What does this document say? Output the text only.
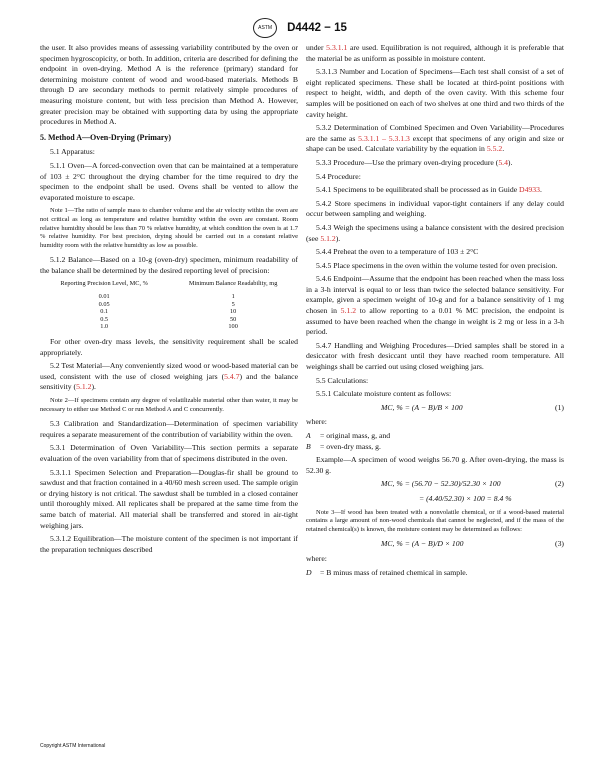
ASTM D4442 − 15

the user. It also provides means of assessing variability contributed by the oven or specimen hygroscopicity, or both. In addition, criteria are described for defining the endpoint in oven-drying. Method A is the reference (primary) standard for determining moisture content of wood and wood-based materials. Methods B through D are secondary methods to permit relatively simple procedures of measuring moisture content, but with less precision than Method A. However, greater precision may be obtained with supporting data by using the appropriate procedures in Method A.

5. Method A—Oven-Drying (Primary)

5.1 Apparatus:

5.1.1 Oven—A forced-convection oven that can be maintained at a temperature of 103 ± 2°C throughout the drying chamber for the time required to dry the specimen to the endpoint shall be used. Ovens shall be vented to allow the evaporated moisture to escape.

Note 1—The ratio of sample mass to chamber volume and the air velocity within the oven are not critical as long as temperature and relative humidity within the oven are constant. Room relative humidity should be less than 70 % relative humidity, at which condition the oven is at 1.7 % relative humidity. For best precision, drying should be carried out in a constant relative humidity room with the relative humidity as low as possible.

5.1.2 Balance—Based on a 10-g (oven-dry) specimen, minimum readability of the balance shall be determined by the desired reporting level of precision:

Reporting Precision Level, MC, %	Minimum Balance Readability, mg
0.01	1
0.05	5
0.1	10
0.5	50
1.0	100

For other oven-dry mass levels, the sensitivity requirement shall be scaled appropriately.

5.2 Test Material—Any conveniently sized wood or wood-based material can be used, consistent with the use of closed weighing jars (5.4.7) and the balance sensitivity (5.1.2).

Note 2—If specimens contain any degree of volatilizable material other than water, it may be necessary to either use Method C or run Method A and C concurrently.

5.3 Calibration and Standardization—Determination of specimen variability requires a separate measurement of the contribution of variability within the oven.

5.3.1 Determination of Oven Variability—This section permits a separate evaluation of the oven variability from that of specimens distributed in the oven.

5.3.1.1 Specimen Selection and Preparation—Douglas-fir shall be ground to sawdust and that fraction contained in a 40/60 mesh screen used. The sample origin or drying history is not critical. The sawdust shall be tumbled in a closed container until thoroughly mixed. All replicates shall be prepared at the same time from the same batch of material. All material shall be transferred and stored in air-tight weighing jars.

5.3.1.2 Equilibration—The moisture content of the specimen is not important if the preparation techniques described

under 5.3.1.1 are used. Equilibration is not required, although it is preferable that the material be as uniform as possible in moisture content.

5.3.1.3 Number and Location of Specimens—Each test shall consist of a set of eight replicated specimens. These shall be located at third-point positions with respect to height, width, and depth of the oven cavity. With this scheme four samples will be positioned on each of two shelves at one third and two thirds of the cavity height.

5.3.2 Determination of Combined Specimen and Oven Variability—Procedures are the same as 5.3.1.1 – 5.3.1.3 except that specimens of any origin and size or shape can be used. Calculate variability by the equation in 5.5.2.

5.3.3 Procedure—Use the primary oven-drying procedure (5.4).

5.4 Procedure:

5.4.1 Specimens to be equilibrated shall be processed as in Guide D4933.

5.4.2 Store specimens in individual vapor-tight containers if any delay could occur between sampling and weighing.

5.4.3 Weigh the specimens using a balance consistent with the desired precision (see 5.1.2).

5.4.4 Preheat the oven to a temperature of 103 ± 2°C

5.4.5 Place specimens in the oven within the volume tested for oven precision.

5.4.6 Endpoint—Assume that the endpoint has been reached when the mass loss in a 3-h interval is equal to or less than twice the selected balance sensitivity. For example, given a specimen weight of 10-g and for a balance sensitivity of 1 mg chosen in 5.1.2 to allow reporting to a 0.01 % MC precision, the endpoint is assumed to have been reached when the change in weight is 2 mg or less in a 3-h period.

5.4.7 Handling and Weighing Procedures—Dried samples shall be stored in a desiccator with fresh desiccant until they have reached room temperature. All weighings shall be carried out using closed weighing jars.

5.5 Calculations:

5.5.1 Calculate moisture content as follows:

MC, % = (A − B)/B × 100	(1)

where:

A	= original mass, g, and
B	= oven-dry mass, g.

Example—A specimen of wood weighs 56.70 g. After oven-drying, the mass is 52.30 g.

MC, % = (56.70 − 52.30)/52.30 × 100	(2)
= (4.40/52.30) × 100 = 8.4 %

Note 3—If wood has been treated with a nonvolatile chemical, or if a wood-based material contains a large amount of non-wood chemicals that cannot be neglected, and if the mass of the retained chemical(s) is known, the moisture content may be determined as follows:

MC, % = (A − B)/D × 100	(3)

where:

D	= B minus mass of retained chemical in sample.
Copyright ASTM International
